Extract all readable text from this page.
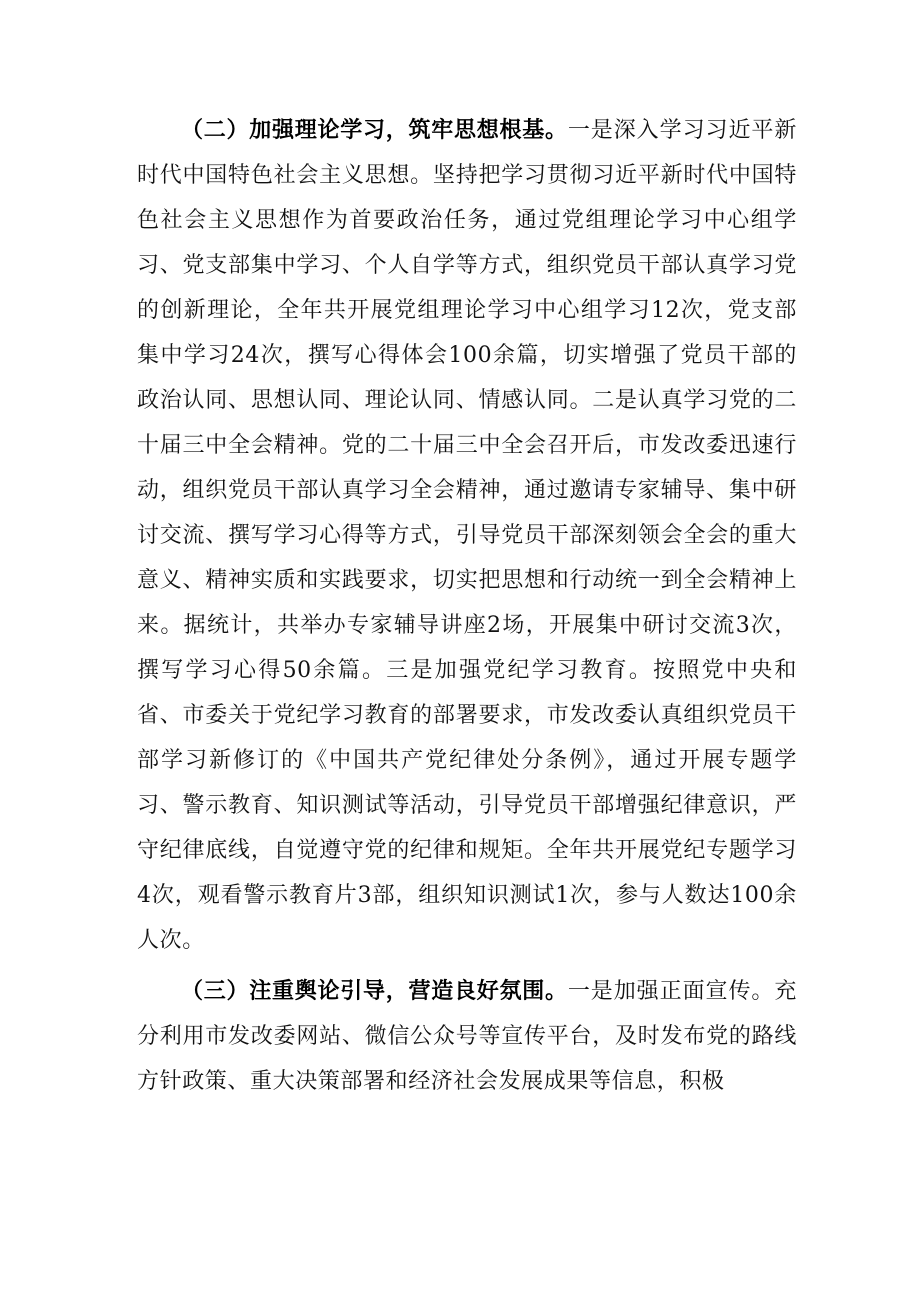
（二）加强理论学习，筑牢思想根基。一是深入学习习近平新时代中国特色社会主义思想。坚持把学习贯彻习近平新时代中国特色社会主义思想作为首要政治任务，通过党组理论学习中心组学习、党支部集中学习、个人自学等方式，组织党员干部认真学习党的创新理论，全年共开展党组理论学习中心组学习12次，党支部集中学习24次，撰写心得体会100余篇，切实增强了党员干部的政治认同、思想认同、理论认同、情感认同。二是认真学习党的二十届三中全会精神。党的二十届三中全会召开后，市发改委迅速行动，组织党员干部认真学习全会精神，通过邀请专家辅导、集中研讨交流、撰写学习心得等方式，引导党员干部深刻领会全会的重大意义、精神实质和实践要求，切实把思想和行动统一到全会精神上来。据统计，共举办专家辅导讲座2场，开展集中研讨交流3次，撰写学习心得50余篇。三是加强党纪学习教育。按照党中央和省、市委关于党纪学习教育的部署要求，市发改委认真组织党员干部学习新修订的《中国共产党纪律处分条例》，通过开展专题学习、警示教育、知识测试等活动，引导党员干部增强纪律意识，严守纪律底线，自觉遵守党的纪律和规矩。全年共开展党纪专题学习4次，观看警示教育片3部，组织知识测试1次，参与人数达100余人次。

（三）注重舆论引导，营造良好氛围。一是加强正面宣传。充分利用市发改委网站、微信公众号等宣传平台，及时发布党的路线方针政策、重大决策部署和经济社会发展成果等信息，积极
